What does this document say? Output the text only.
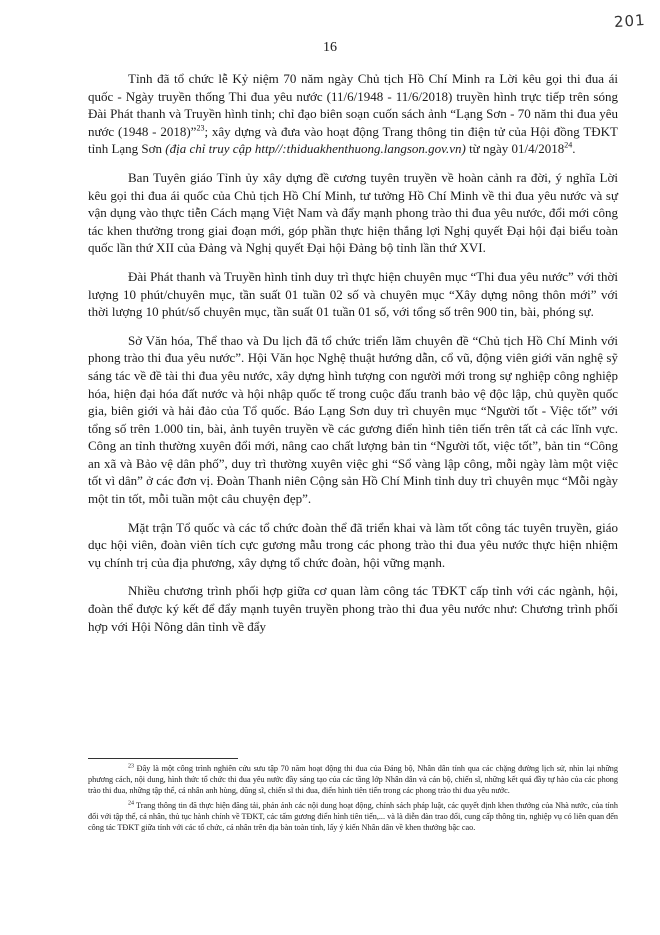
201
16

Tỉnh đã tổ chức lễ Kỷ niệm 70 năm ngày Chủ tịch Hồ Chí Minh ra Lời kêu gọi thi đua ái quốc - Ngày truyền thống Thi đua yêu nước (11/6/1948 - 11/6/2018) truyền hình trực tiếp trên sóng Đài Phát thanh và Truyền hình tỉnh; chỉ đạo biên soạn cuốn sách ảnh “Lạng Sơn - 70 năm thi đua yêu nước (1948 - 2018)”$^{23}$; xây dựng và đưa vào hoạt động Trang thông tin điện tử của Hội đồng TĐKT tỉnh Lạng Sơn (địa chỉ truy cập http//:thiduakhenthuong.langson.gov.vn) từ ngày 01/4/2018$^{24}$.

Ban Tuyên giáo Tỉnh ủy xây dựng đề cương tuyên truyền về hoàn cảnh ra đời, ý nghĩa Lời kêu gọi thi đua ái quốc của Chủ tịch Hồ Chí Minh, tư tưởng Hồ Chí Minh về thi đua yêu nước và sự vận dụng vào thực tiễn Cách mạng Việt Nam và đẩy mạnh phong trào thi đua yêu nước, đổi mới công tác khen thưởng trong giai đoạn mới, góp phần thực hiện thắng lợi Nghị quyết Đại hội đại biểu toàn quốc lần thứ XII của Đảng và Nghị quyết Đại hội Đảng bộ tỉnh lần thứ XVI.

Đài Phát thanh và Truyền hình tỉnh duy trì thực hiện chuyên mục “Thi đua yêu nước” với thời lượng 10 phút/chuyên mục, tần suất 01 tuần 02 số và chuyên mục “Xây dựng nông thôn mới” với thời lượng 10 phút/số chuyên mục, tần suất 01 tuần 01 số, với tổng số trên 900 tin, bài, phóng sự.

Sở Văn hóa, Thể thao và Du lịch đã tổ chức triển lãm chuyên đề “Chủ tịch Hồ Chí Minh với phong trào thi đua yêu nước”. Hội Văn học Nghệ thuật hướng dẫn, cổ vũ, động viên giới văn nghệ sỹ sáng tác về đề tài thi đua yêu nước, xây dựng hình tượng con người mới trong sự nghiệp công nghiệp hóa, hiện đại hóa đất nước và hội nhập quốc tế trong cuộc đấu tranh bảo vệ độc lập, chủ quyền quốc gia, biên giới và hải đảo của Tổ quốc. Báo Lạng Sơn duy trì chuyên mục “Người tốt - Việc tốt” với tổng số trên 1.000 tin, bài, ảnh tuyên truyền về các gương điển hình tiên tiến trên tất cả các lĩnh vực. Công an tỉnh thường xuyên đổi mới, nâng cao chất lượng bản tin “Người tốt, việc tốt”, bản tin “Công an xã và Bảo vệ dân phố”, duy trì thường xuyên việc ghi “Sổ vàng lập công, mỗi ngày làm một việc tốt vì dân” ở các đơn vị. Đoàn Thanh niên Cộng sản Hồ Chí Minh tỉnh duy trì chuyên mục “Mỗi ngày một tin tốt, mỗi tuần một câu chuyện đẹp”.

Mặt trận Tổ quốc và các tổ chức đoàn thể đã triển khai và làm tốt công tác tuyên truyền, giáo dục hội viên, đoàn viên tích cực gương mẫu trong các phong trào thi đua yêu nước thực hiện nhiệm vụ chính trị của địa phương, xây dựng tổ chức đoàn, hội vững mạnh.

Nhiều chương trình phối hợp giữa cơ quan làm công tác TĐKT cấp tỉnh với các ngành, hội, đoàn thể được ký kết để đẩy mạnh tuyên truyền phong trào thi đua yêu nước như: Chương trình phối hợp với Hội Nông dân tỉnh về đẩy

$^{23}$ Đây là một công trình nghiên cứu sưu tập 70 năm hoạt động thi đua của Đảng bộ, Nhân dân tỉnh qua các chặng đường lịch sử, nhìn lại những phương cách, nội dung, hình thức tổ chức thi đua yêu nước đầy sáng tạo của các tầng lớp Nhân dân và cán bộ, chiến sĩ, những kết quả đầy tự hào của các phong trào thi đua, những tập thể, cá nhân anh hùng, dũng sĩ, chiến sĩ thi đua, điển hình tiên tiến trong các phong trào thi đua yêu nước.

$^{24}$ Trang thông tin đã thực hiện đăng tải, phản ánh các nội dung hoạt động, chính sách pháp luật, các quyết định khen thưởng của Nhà nước, của tỉnh đối với tập thể, cá nhân, thủ tục hành chính về TĐKT, các tấm gương điển hình tiên tiến,... và là diễn đàn trao đổi, cung cấp thông tin, nghiệp vụ có liên quan đến công tác TĐKT giữa tỉnh với các tổ chức, cá nhân trên địa bàn toàn tỉnh, lấy ý kiến Nhân dân về khen thưởng bậc cao.
